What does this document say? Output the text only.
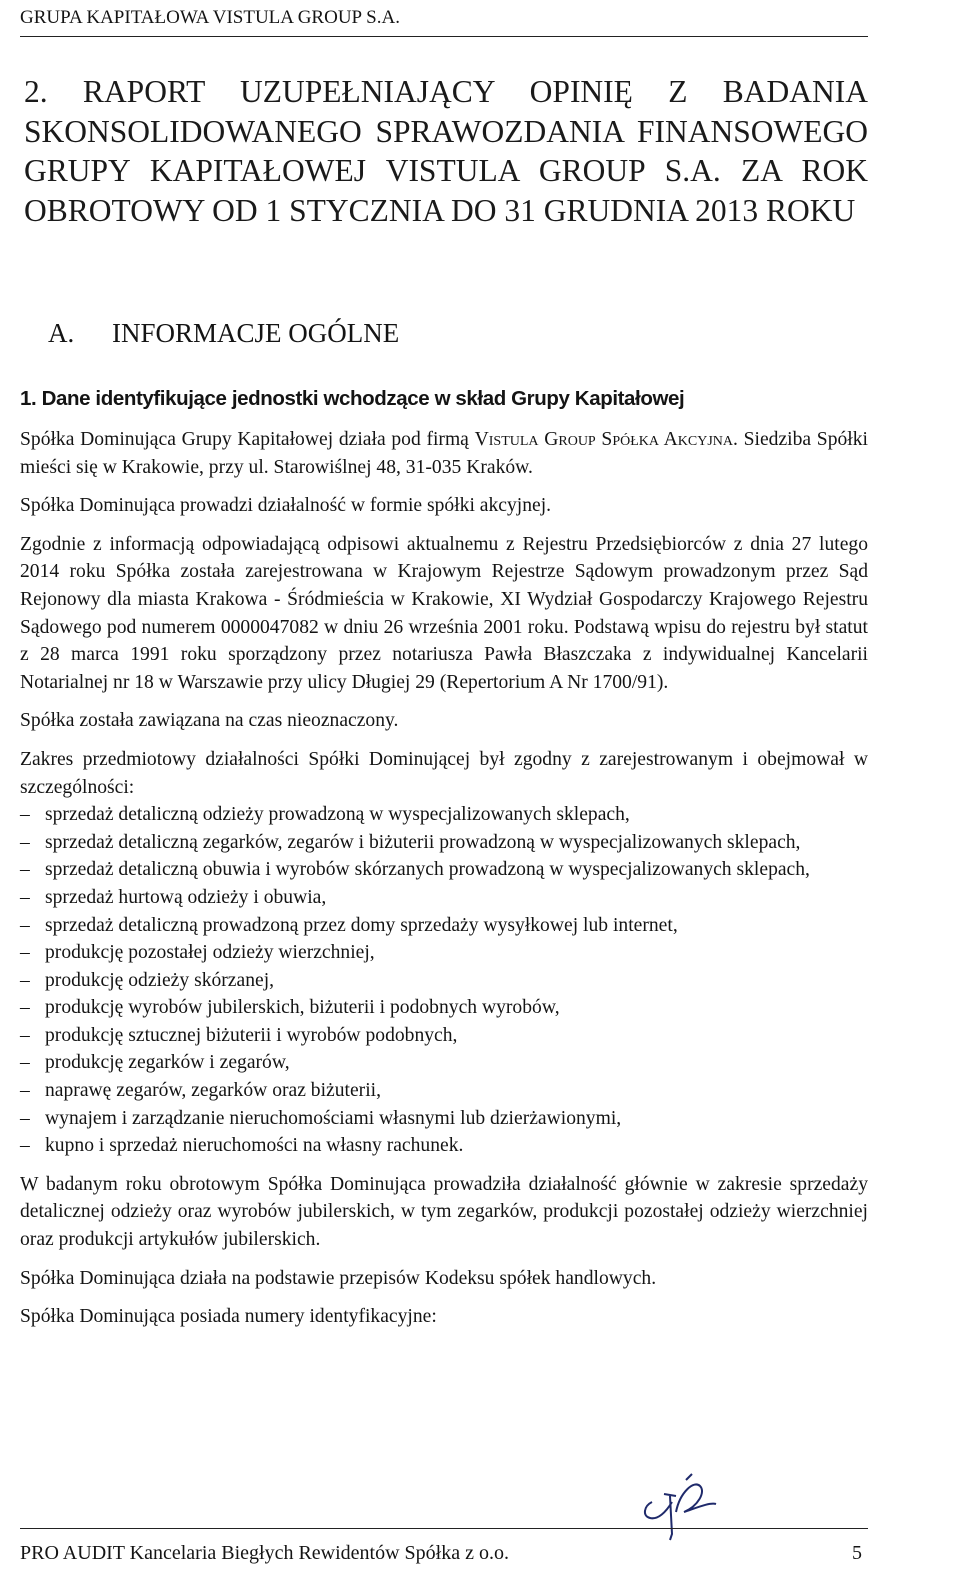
GRUPA KAPITAŁOWA VISTULA GROUP S.A.
2. RAPORT UZUPEŁNIAJĄCY OPINIĘ Z BADANIA SKONSOLIDOWANEGO SPRAWOZDANIA FINANSOWEGO GRUPY KAPITAŁOWEJ VISTULA GROUP S.A. ZA ROK OBROTOWY OD 1 STYCZNIA DO 31 GRUDNIA 2013 ROKU
A. INFORMACJE OGÓLNE
1. Dane identyfikujące jednostki wchodzące w skład Grupy Kapitałowej

Spółka Dominująca Grupy Kapitałowej działa pod firmą Vistula Group Spółka Akcyjna. Siedziba Spółki mieści się w Krakowie, przy ul. Starowiślnej 48, 31-035 Kraków.

Spółka Dominująca prowadzi działalność w formie spółki akcyjnej.

Zgodnie z informacją odpowiadającą odpisowi aktualnemu z Rejestru Przedsiębiorców z dnia 27 lutego 2014 roku Spółka została zarejestrowana w Krajowym Rejestrze Sądowym prowadzonym przez Sąd Rejonowy dla miasta Krakowa - Śródmieścia w Krakowie, XI Wydział Gospodarczy Krajowego Rejestru Sądowego pod numerem 0000047082 w dniu 26 września 2001 roku. Podstawą wpisu do rejestru był statut z 28 marca 1991 roku sporządzony przez notariusza Pawła Błaszczaka z indywidualnej Kancelarii Notarialnej nr 18 w Warszawie przy ulicy Długiej 29 (Repertorium A Nr 1700/91).

Spółka została zawiązana na czas nieoznaczony.

Zakres przedmiotowy działalności Spółki Dominującej był zgodny z zarejestrowanym i obejmował w szczególności:

– sprzedaż detaliczną odzieży prowadzoną w wyspecjalizowanych sklepach,
– sprzedaż detaliczną zegarków, zegarów i biżuterii prowadzoną w wyspecjalizowanych sklepach,
– sprzedaż detaliczną obuwia i wyrobów skórzanych prowadzoną w wyspecjalizowanych sklepach,
– sprzedaż hurtową odzieży i obuwia,
– sprzedaż detaliczną prowadzoną przez domy sprzedaży wysyłkowej lub internet,
– produkcję pozostałej odzieży wierzchniej,
– produkcję odzieży skórzanej,
– produkcję wyrobów jubilerskich, biżuterii i podobnych wyrobów,
– produkcję sztucznej biżuterii i wyrobów podobnych,
– produkcję zegarków i zegarów,
– naprawę zegarów, zegarków oraz biżuterii,
– wynajem i zarządzanie nieruchomościami własnymi lub dzierżawionymi,
– kupno i sprzedaż nieruchomości na własny rachunek.

W badanym roku obrotowym Spółka Dominująca prowadziła działalność głównie w zakresie sprzedaży detalicznej odzieży oraz wyrobów jubilerskich, w tym zegarków, produkcji pozostałej odzieży wierzchniej oraz produkcji artykułów jubilerskich.

Spółka Dominująca działa na podstawie przepisów Kodeksu spółek handlowych.

Spółka Dominująca posiada numery identyfikacyjne:

PRO AUDIT Kancelaria Biegłych Rewidentów Spółka z o.o.	5
